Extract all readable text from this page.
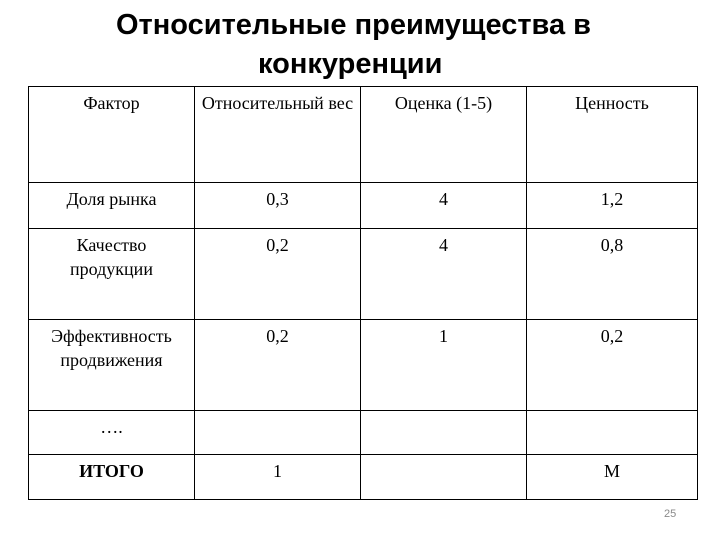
Относительные преимущества в
конкуренции
Фактор	Относительный вес	Оценка (1-5)	Ценность
Доля рынка	0,3	4	1,2
Качество продукции	0,2	4	0,8
Эффективность продвижения	0,2	1	0,2
….			
ИТОГО	1		М
25
